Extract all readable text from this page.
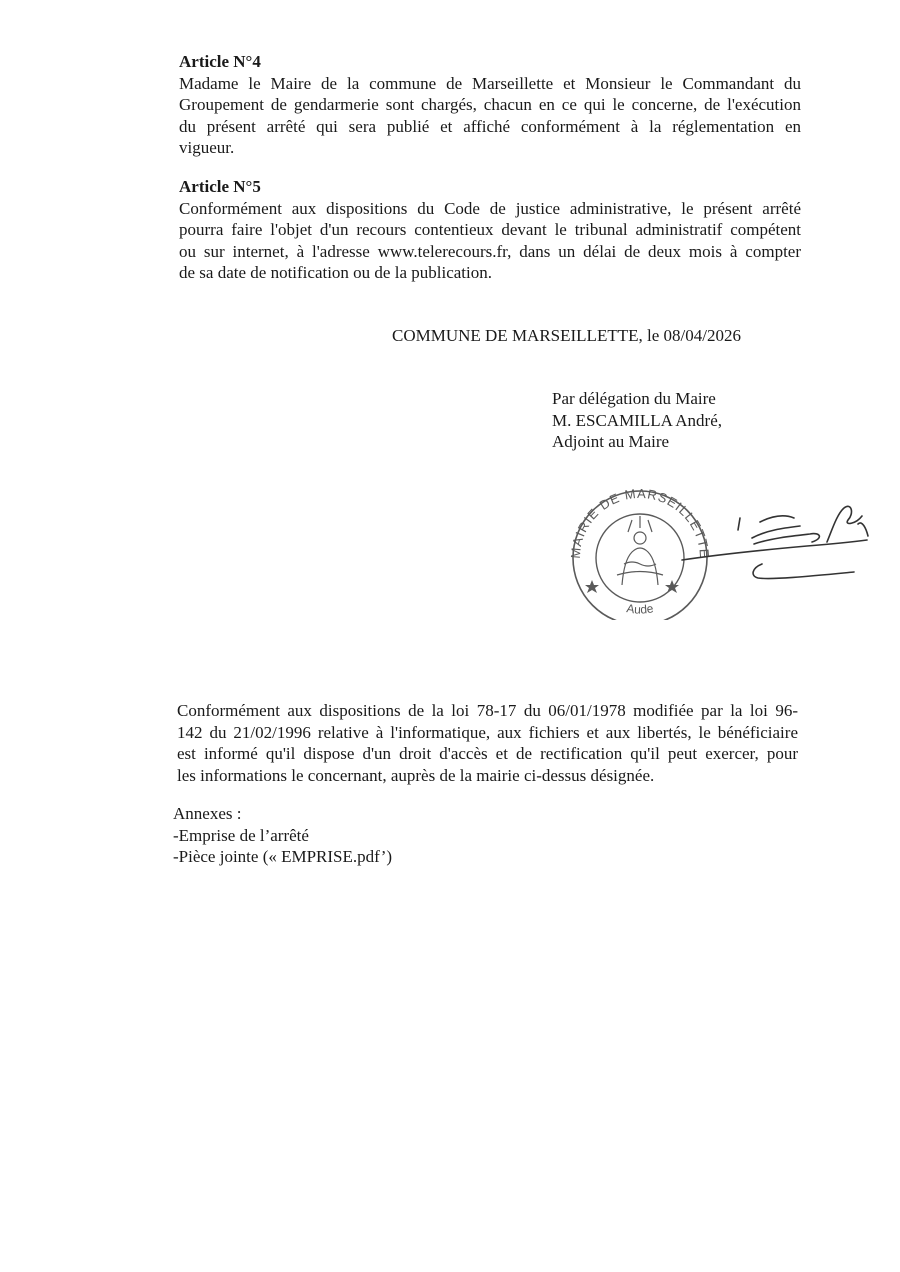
Article N°4
Madame le Maire de la commune de Marseillette et Monsieur le Commandant du
Groupement de gendarmerie sont chargés, chacun en ce qui le concerne, de l'exécution
du présent arrêté qui sera publié et affiché conformément à la réglementation en
vigueur.
Article N°5
Conformément aux dispositions du Code de justice administrative, le présent arrêté
pourra faire l'objet d'un recours contentieux devant le tribunal administratif compétent
ou sur internet, à l'adresse www.telerecours.fr, dans un délai de deux mois à compter
de sa date de notification ou de la publication.
COMMUNE DE MARSEILLETTE, le 08/04/2026
Par délégation du Maire
M. ESCAMILLA André,
Adjoint au Maire
MAIRIE DE MARSEILLETTE
Aude
Conformément aux dispositions de la loi 78-17 du 06/01/1978 modifiée par la loi 96-
142 du 21/02/1996 relative à l'informatique, aux fichiers et aux libertés, le bénéficiaire
est informé qu'il dispose d'un droit d'accès et de rectification qu'il peut exercer, pour
les informations le concernant, auprès de la mairie ci-dessus désignée.
Annexes :
-Emprise de l’arrêté
-Pièce jointe (« EMPRISE.pdf’)
